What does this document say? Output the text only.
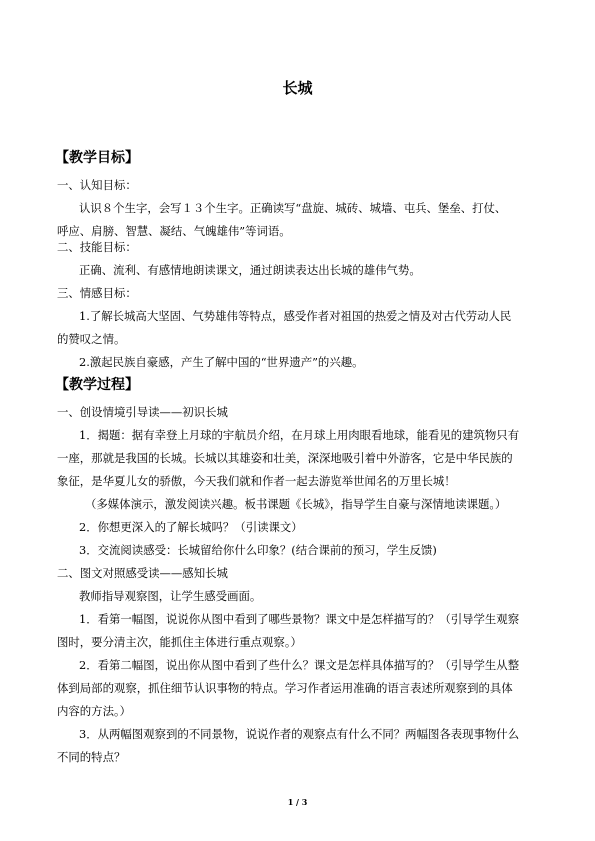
长城
【教学目标】
一、认知目标：
认识８个生字，会写１３个生字。正确读写“盘旋、城砖、城墙、屯兵、堡垒、打仗、
呼应、肩膀、智慧、凝结、气魄雄伟”等词语。
二、技能目标：
正确、流利、有感情地朗读课文，通过朗读表达出长城的雄伟气势。
三、情感目标：
1.了解长城高大坚固、气势雄伟等特点，感受作者对祖国的热爱之情及对古代劳动人民
的赞叹之情。
2.激起民族自豪感，产生了解中国的“世界遗产”的兴趣。
【教学过程】
一、创设情境引导读——初识长城
1．揭题：据有幸登上月球的宇航员介绍，在月球上用肉眼看地球，能看见的建筑物只有
一座，那就是我国的长城。长城以其雄姿和壮美，深深地吸引着中外游客，它是中华民族的
象征，是华夏儿女的骄傲，今天我们就和作者一起去游览举世闻名的万里长城！
（多媒体演示，激发阅读兴趣。板书课题《长城》，指导学生自豪与深情地读课题。）
2．你想更深入的了解长城吗？（引读课文）
3．交流阅读感受：长城留给你什么印象？(结合课前的预习，学生反馈)
二、图文对照感受读——感知长城
教师指导观察图，让学生感受画面。
1．看第一幅图，说说你从图中看到了哪些景物？课文中是怎样描写的？（引导学生观察
图时，要分清主次，能抓住主体进行重点观察。）
2．看第二幅图，说出你从图中看到了些什么？课文是怎样具体描写的？（引导学生从整
体到局部的观察，抓住细节认识事物的特点。学习作者运用准确的语言表述所观察到的具体
内容的方法。）
3．从两幅图观察到的不同景物，说说作者的观察点有什么不同？两幅图各表现事物什么
不同的特点？
1 / 3
